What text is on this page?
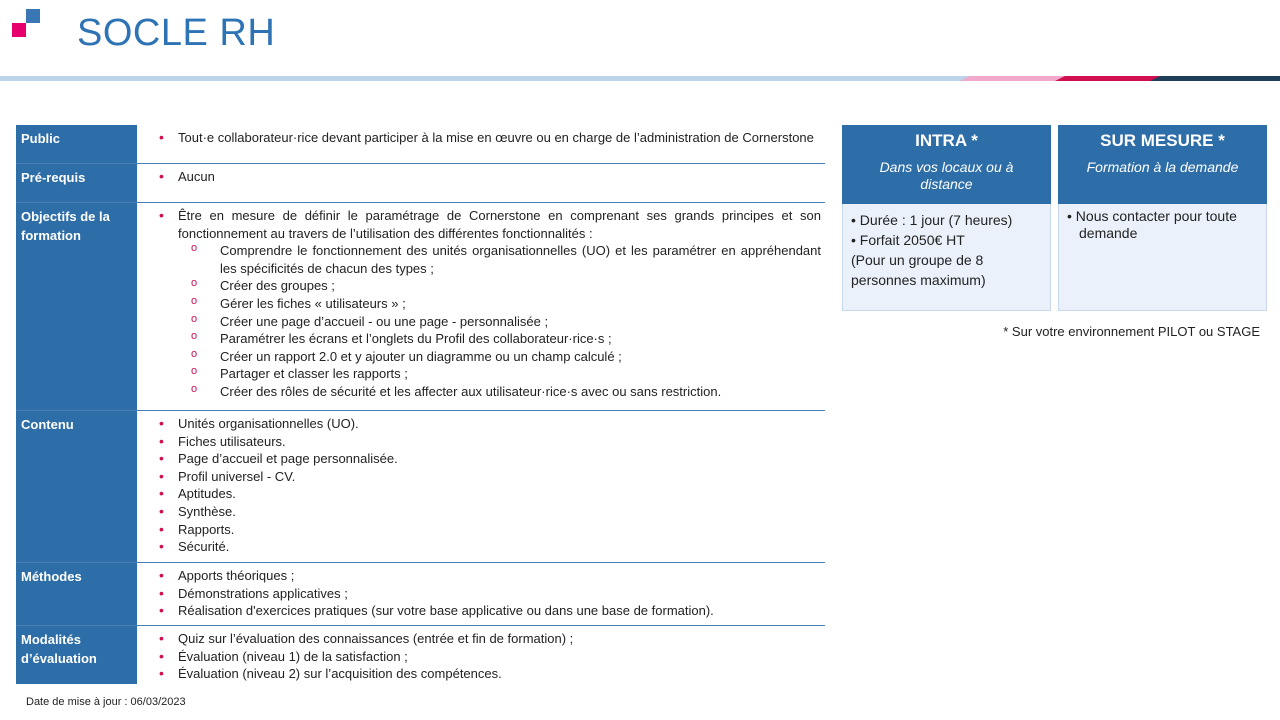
SOCLE RH
Public	• Tout·e collaborateur·rice devant participer à la mise en œuvre ou en charge de l’administration de Cornerstone
Pré-requis	• Aucun
Objectifs de la formation
• Être en mesure de définir le paramétrage de Cornerstone en comprenant ses grands principes et son fonctionnement au travers de l’utilisation des différentes fonctionnalités :
o Comprendre le fonctionnement des unités organisationnelles (UO) et les paramétrer en appréhendant les spécificités de chacun des types ;
o Créer des groupes ;
o Gérer les fiches « utilisateurs » ;
o Créer une page d’accueil - ou une page - personnalisée ;
o Paramétrer les écrans et l’onglets du Profil des collaborateur·rice·s ;
o Créer un rapport 2.0 et y ajouter un diagramme ou un champ calculé ;
o Partager et classer les rapports ;
o Créer des rôles de sécurité et les affecter aux utilisateur·rice·s avec ou sans restriction.
Contenu	• Unités organisationnelles (UO).
• Fiches utilisateurs.
• Page d’accueil et page personnalisée.
• Profil universel - CV.
• Aptitudes.
• Synthèse.
• Rapports.
• Sécurité.
Méthodes	• Apports théoriques ;
• Démonstrations applicatives ;
• Réalisation d'exercices pratiques (sur votre base applicative ou dans une base de formation).
Modalités d’évaluation
• Quiz sur l’évaluation des connaissances (entrée et fin de formation) ;
• Évaluation (niveau 1) de la satisfaction ;
• Évaluation (niveau 2) sur l’acquisition des compétences.
INTRA *
Dans vos locaux ou à distance
• Durée : 1 jour (7 heures)
• Forfait 2050€ HT
(Pour un groupe de 8 personnes maximum)
SUR MESURE *
Formation à la demande
• Nous contacter pour toute demande
* Sur votre environnement PILOT ou STAGE
Date de mise à jour : 06/03/2023
